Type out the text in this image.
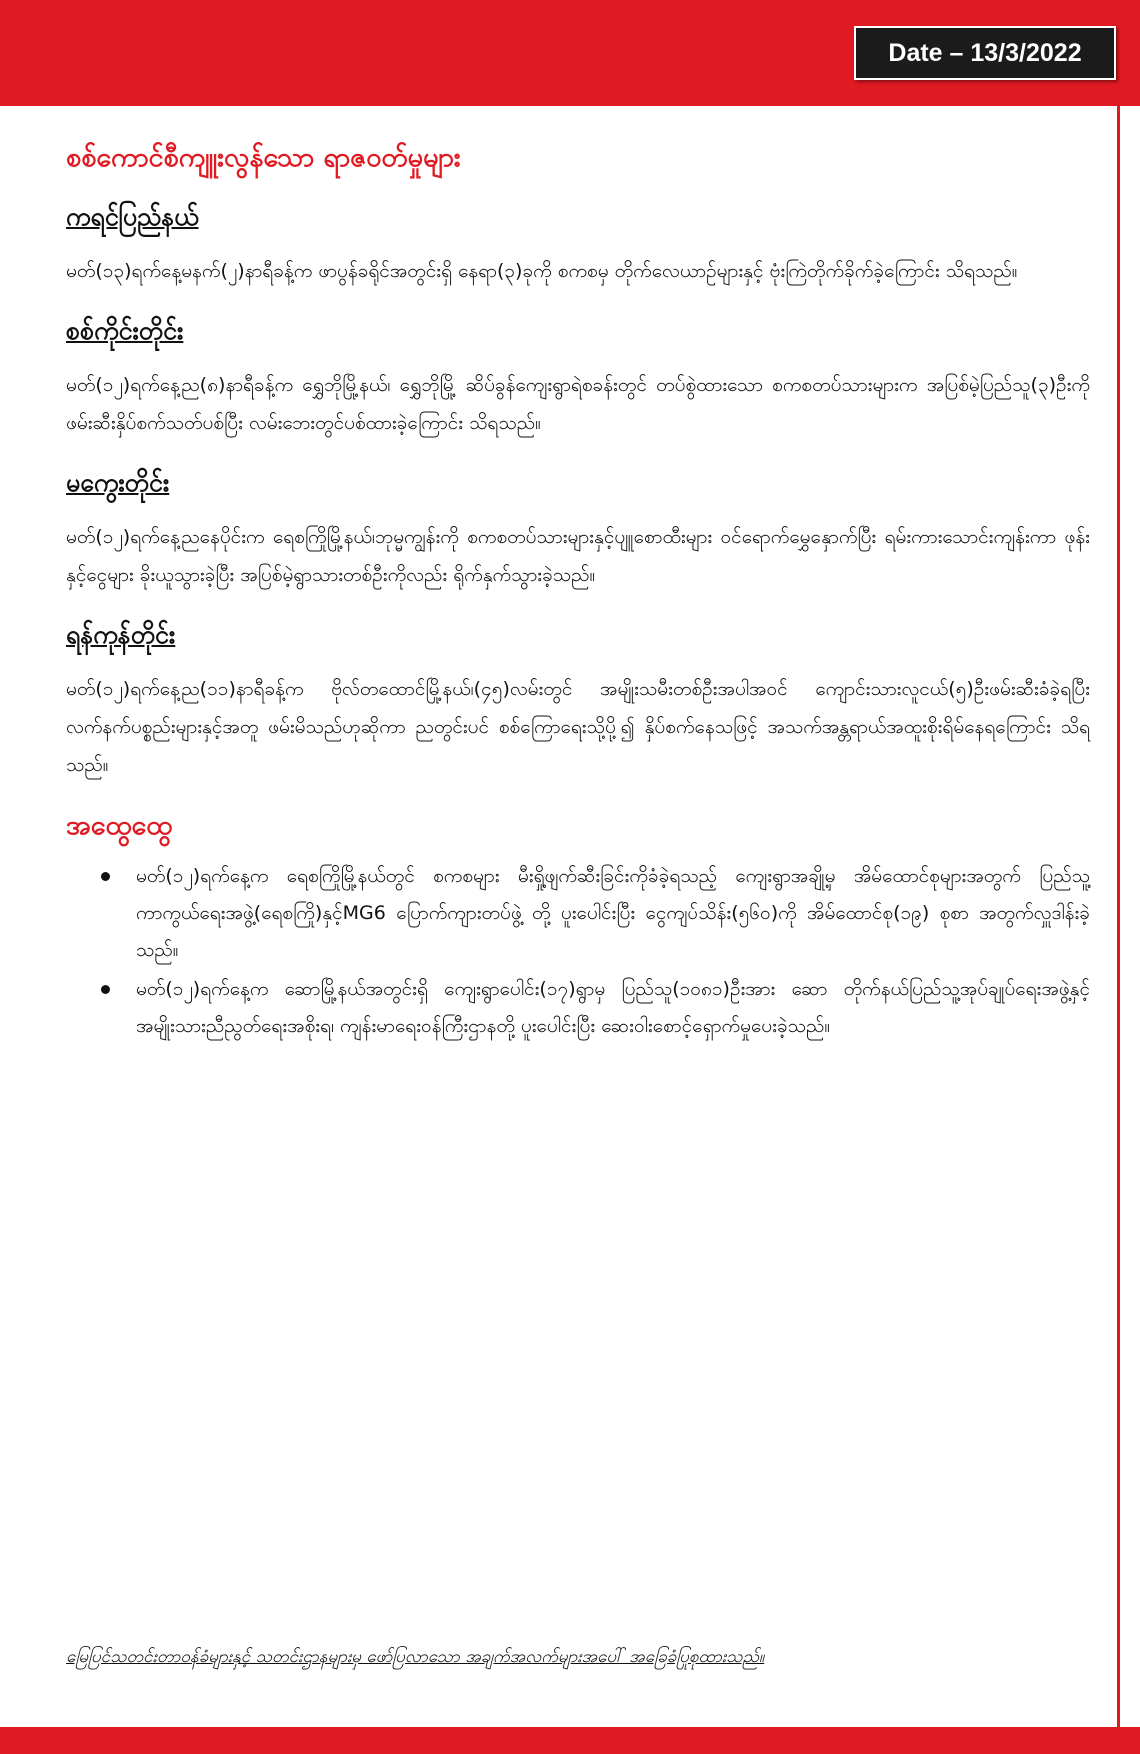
Date – 13/3/2022
စစ်ကောင်စီကျူးလွန်သော ရာဇဝတ်မှုများ
ကရင်ပြည်နယ်

မတ်(၁၃)ရက်နေ့မနက်(၂)နာရီခန့်က ဖာပွန်ခရိုင်အတွင်းရှိ နေရာ(၃)ခုကို စကစမှ တိုက်လေယာဉ်များနှင့် ဗုံးကြဲတိုက်ခိုက်ခဲ့ကြောင်း သိရသည်။

စစ်ကိုင်းတိုင်း

မတ်(၁၂)ရက်နေ့ည(၈)နာရီခန့်က ရွှေဘိုမြို့နယ်၊ ရွှေဘိုမြို့ ဆိပ်ခွန်ကျေးရွာရဲစခန်းတွင် တပ်စွဲထားသော စကစတပ်သားများက အပြစ်မဲ့ပြည်သူ(၃)ဦးကို ဖမ်းဆီးနှိပ်စက်သတ်ပစ်ပြီး လမ်းဘေးတွင်ပစ်ထားခဲ့ကြောင်း သိရသည်။

မကွေးတိုင်း

မတ်(၁၂)ရက်နေ့ညနေပိုင်းက ရေစကြိုမြို့နယ်၊ဘုမ္မကျွန်းကို စကစတပ်သားများနှင့်ပျူစောထီးများ ဝင်ရောက်မွှေနှောက်ပြီး ရမ်းကားသောင်းကျန်းကာ ဖုန်းနှင့်ငွေများ ခိုးယူသွားခဲ့ပြီး အပြစ်မဲ့ရွာသားတစ်ဦးကိုလည်း ရိုက်နှက်သွားခဲ့သည်။

ရန်ကုန်တိုင်း

မတ်(၁၂)ရက်နေ့ည(၁၁)နာရီခန့်က ဗိုလ်တထောင်မြို့နယ်၊(၄၅)လမ်းတွင် အမျိုးသမီးတစ်ဦးအပါအဝင် ကျောင်းသားလူငယ်(၅)ဦးဖမ်းဆီးခံခဲ့ရပြီး လက်နက်ပစ္စည်းများနှင့်အတူ ဖမ်းမိသည်ဟုဆိုကာ ညတွင်းပင် စစ်ကြောရေးသို့ပို့၍ နှိပ်စက်နေသဖြင့် အသက်အန္တရာယ်အထူးစိုးရိမ်နေရကြောင်း သိရသည်။

အထွေထွေ
မတ်(၁၂)ရက်နေ့က ရေစကြိုမြို့နယ်တွင် စကစများ မီးရှို့ဖျက်ဆီးခြင်းကိုခံခဲ့ရသည့် ကျေးရွာအချို့မှ အိမ်ထောင်စုများအတွက် ပြည်သူ့ကာကွယ်ရေးအဖွဲ့(ရေစကြို)နှင့်MG6 ပြောက်ကျားတပ်ဖွဲ့ တို့ ပူးပေါင်းပြီး ငွေကျပ်သိန်း(၅၆၀)ကို အိမ်ထောင်စု(၁၉) စုစာ အတွက်လှူဒါန်းခဲ့သည်။
မတ်(၁၂)ရက်နေ့က ဆောမြို့နယ်အတွင်းရှိ ကျေးရွာပေါင်း(၁၇)ရွာမှ ပြည်သူ(၁၀၈၁)ဦးအား ဆော တိုက်နယ်ပြည်သူ့အုပ်ချုပ်ရေးအဖွဲ့နှင့် အမျိုးသားညီညွတ်ရေးအစိုးရ၊ ကျန်းမာရေးဝန်ကြီးဌာနတို့ ပူးပေါင်းပြီး ဆေးဝါးစောင့်ရှောက်မှုပေးခဲ့သည်။
မြေပြင်သတင်းတာဝန်ခံများနှင့် သတင်းဌာနများမှ ဖော်ပြလာသော အချက်အလက်များအပေါ် အခြေခံပြုစုထားသည်။
